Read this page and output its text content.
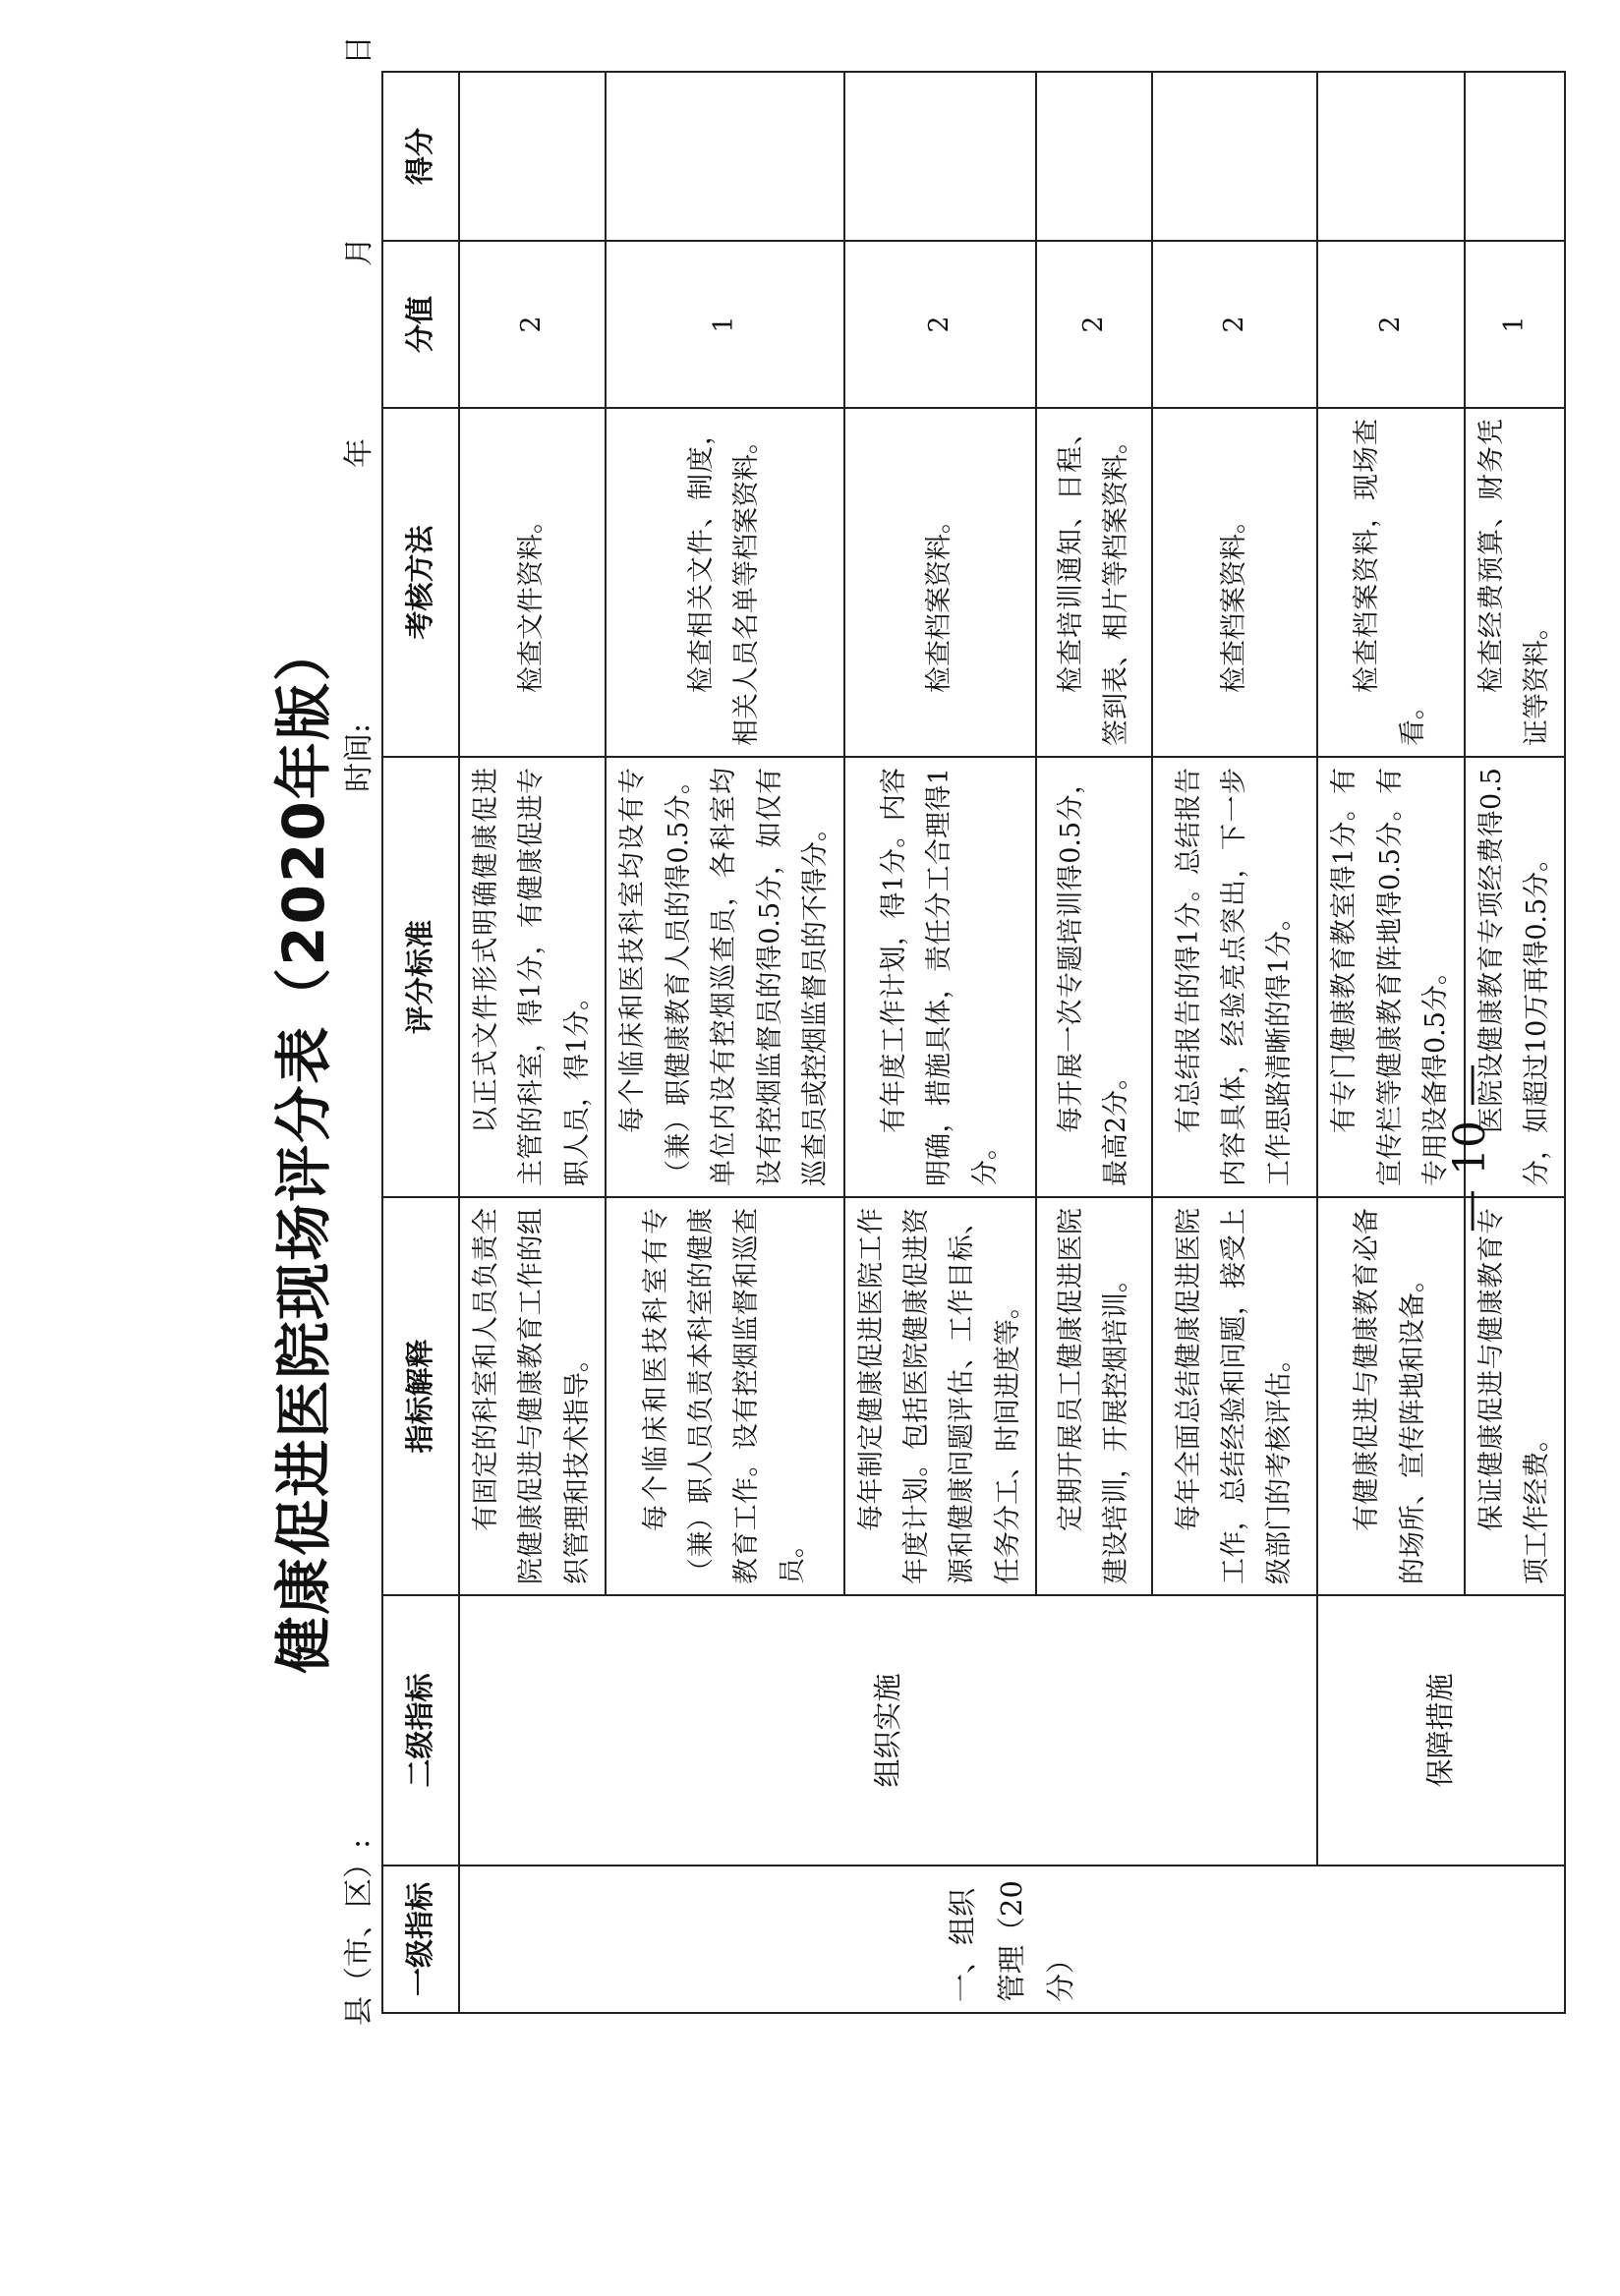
健康促进医院现场评分表（2020年版）
县（市、区）:
时间:
年
月
日
一级指标	二级指标	指标解释	评分标准	考核方法	分值	得分
一、组织管理（20分）	组织实施	有固定的科室和人员负责全院健康促进与健康教育工作的组织管理和技术指导。	以正式文件形式明确健康促进主管的科室，得1分，有健康促进专职人员，得1分。	检查文件资料。	2	
		每个临床和医技科室有专（兼）职人员负责本科室的健康教育工作。设有控烟监督和巡查员。	每个临床和医技科室均设有专（兼）职健康教育人员的得0.5分。单位内设有控烟巡查员，各科室均设有控烟监督员的得0.5分，如仅有巡查员或控烟监督员的不得分。	检查相关文件、制度，相关人员名单等档案资料。	1	
		每年制定健康促进医院工作年度计划。包括医院健康促进资源和健康问题评估、工作目标、任务分工、时间进度等。	有年度工作计划，得1分。内容明确，措施具体，责任分工合理得1分。	检查档案资料。	2	
		定期开展员工健康促进医院建设培训，开展控烟培训。	每开展一次专题培训得0.5分，最高2分。	检查培训通知、日程、签到表、相片等档案资料。	2	
		每年全面总结健康促进医院工作，总结经验和问题，接受上级部门的考核评估。	有总结报告的得1分。总结报告内容具体，经验亮点突出，下一步工作思路清晰的得1分。	检查档案资料。	2	
	保障措施	有健康促进与健康教育必备的场所、宣传阵地和设备。	有专门健康教育教室得1分。有宣传栏等健康教育阵地得0.5分。有专用设备得0.5分。	检查档案资料，现场查看。	2	
		保证健康促进与健康教育专项工作经费。	医院设健康教育专项经费得0.5分，如超过10万再得0.5分。	检查经费预算、财务凭证等资料。	1	
— 10 —
